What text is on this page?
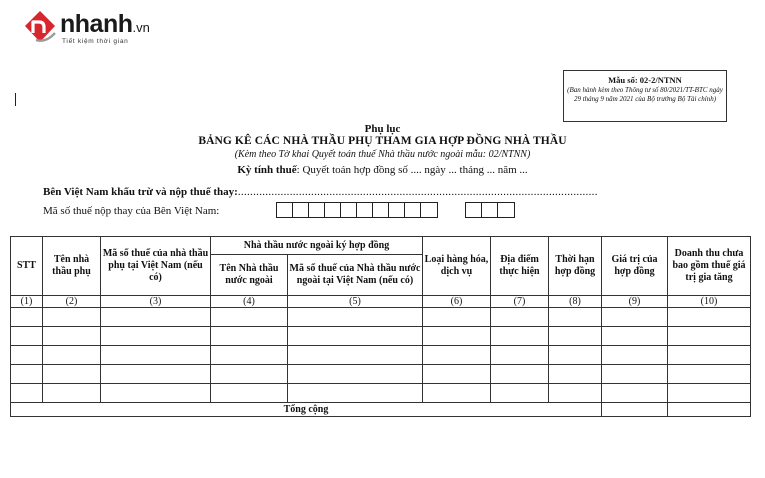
nhanh.vn
Tiết kiệm thời gian
Mẫu số: 02-2/NTNN
(Ban hành kèm theo Thông tư số 80/2021/TT-BTC ngày 29 tháng 9 năm 2021 của Bộ trưởng Bộ Tài chính)
Phụ lục
BẢNG KÊ CÁC NHÀ THẦU PHỤ THAM GIA HỢP ĐỒNG NHÀ THẦU
(Kèm theo Tờ khai Quyết toán thuế Nhà thầu nước ngoài mẫu: 02/NTNN)
Kỳ tính thuế: Quyết toán hợp đồng số .... ngày ... tháng ... năm ...
Bên Việt Nam khấu trừ và nộp thuế thay:......................................................................................................................
Mã số thuế nộp thay của Bên Việt Nam:
STT	Tên nhà thầu phụ	Mã số thuế của nhà thầu phụ tại Việt Nam (nếu có)	Nhà thầu nước ngoài ký hợp đồng		Loại hàng hóa, dịch vụ	Địa điểm thực hiện	Thời hạn hợp đồng	Giá trị của hợp đồng	Doanh thu chưa bao gồm thuế giá trị gia tăng
			Tên Nhà thầu nước ngoài	Mã số thuế của Nhà thầu nước ngoài tại Việt Nam (nếu có)					
(1)	(2)	(3)	(4)	(5)	(6)	(7)	(8)	(9)	(10)

Tổng cộng									
